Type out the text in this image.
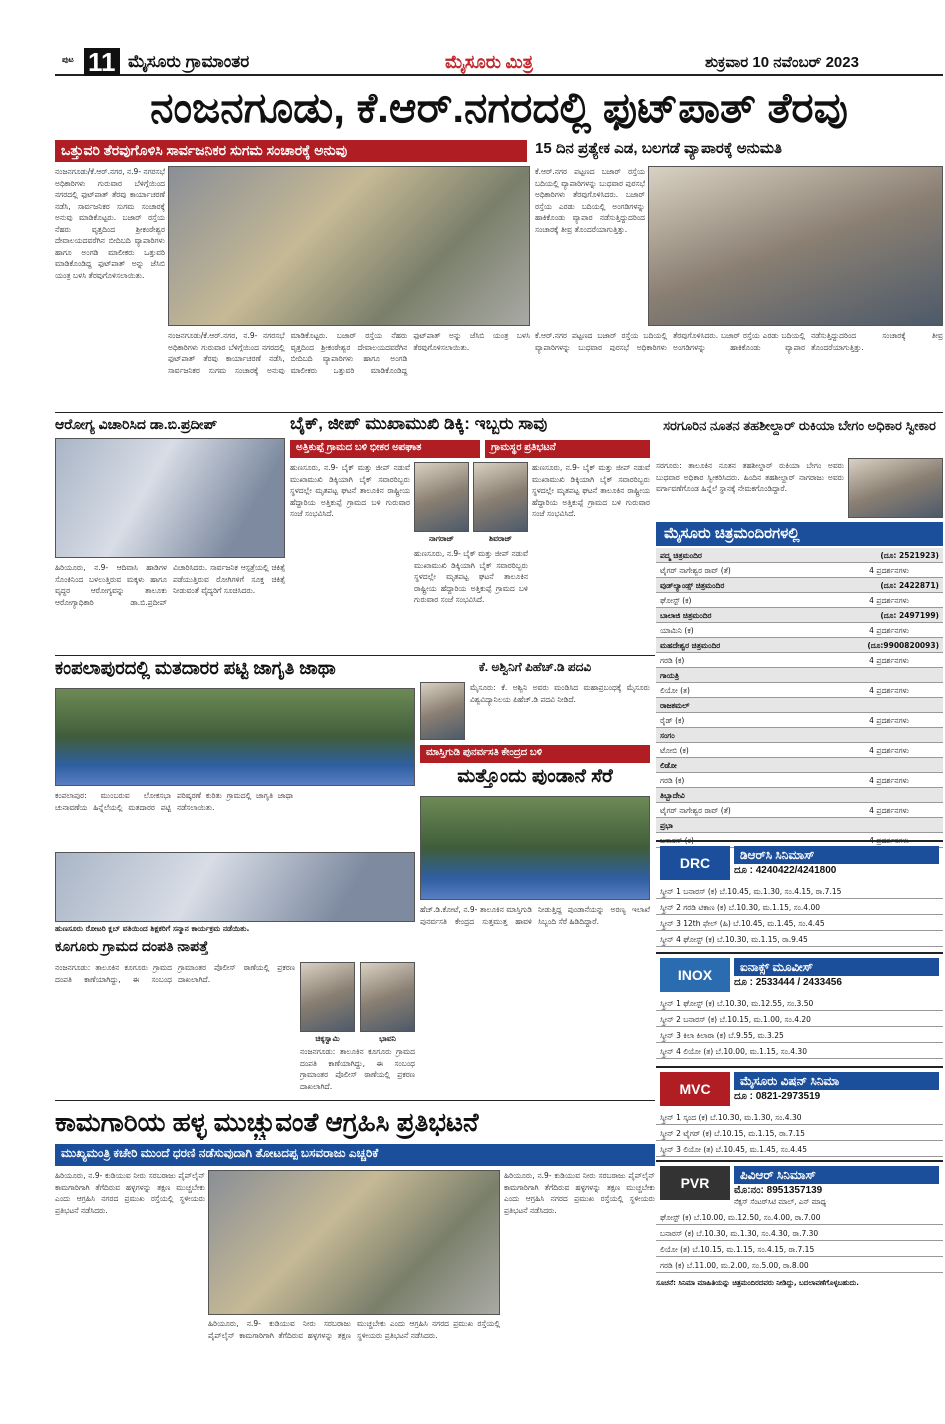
ಪುಟ 11 ಮೈಸೂರು ಗ್ರಾಮಾಂತರ	ಮೈಸೂರು ಮಿತ್ರ	ಶುಕ್ರವಾರ 10 ನವೆಂಬರ್ 2023
ನಂಜನಗೂಡು, ಕೆ.ಆರ್.ನಗರದಲ್ಲಿ ಫುಟ್‌ಪಾತ್ ತೆರವು
ಒತ್ತುವರಿ ತೆರವುಗೊಳಿಸಿ ಸಾರ್ವಜನಿಕರ ಸುಗಮ ಸಂಚಾರಕ್ಕೆ ಅನುವು	15 ದಿನ ಪ್ರತ್ಯೇಕ ಎಡ, ಬಲಗಡೆ ವ್ಯಾಪಾರಕ್ಕೆ ಅನುಮತಿ
ನಂಜನಗೂಡು/ಕೆ.ಆರ್.ನಗರ, ನ.9- ನಗರಸಭೆ ಅಧಿಕಾರಿಗಳು ಗುರುವಾರ ಬೆಳಿಗ್ಗೆಯಿಂದ ನಗರದಲ್ಲಿ ಫುಟ್‌ಪಾತ್ ತೆರವು ಕಾರ್ಯಾಚರಣೆ ನಡೆಸಿ, ಸಾರ್ವಜನಿಕರ ಸುಗಮ ಸಂಚಾರಕ್ಕೆ ಅನುವು ಮಾಡಿಕೊಟ್ಟರು. ಬಜಾರ್ ರಸ್ತೆಯ ನೆಹರು ವೃತ್ತದಿಂದ ಶ್ರೀಕಂಠೇಶ್ವರ ದೇವಾಲಯದವರೆಗಿನ ಬೀದಿಬದಿ ವ್ಯಾಪಾರಿಗಳು ಹಾಗೂ ಅಂಗಡಿ ಮಾಲೀಕರು ಒತ್ತುವರಿ ಮಾಡಿಕೊಂಡಿದ್ದ ಫುಟ್‌ಪಾತ್ ಅನ್ನು ಜೆಸಿಬಿ ಯಂತ್ರ ಬಳಸಿ ತೆರವುಗೊಳಿಸಲಾಯಿತು.
ನಂಜನಗೂಡು/ಕೆ.ಆರ್.ನಗರ, ನ.9- ನಗರಸಭೆ ಅಧಿಕಾರಿಗಳು ಗುರುವಾರ ಬೆಳಿಗ್ಗೆಯಿಂದ ನಗರದಲ್ಲಿ ಫುಟ್‌ಪಾತ್ ತೆರವು ಕಾರ್ಯಾಚರಣೆ ನಡೆಸಿ, ಸಾರ್ವಜನಿಕರ ಸುಗಮ ಸಂಚಾರಕ್ಕೆ ಅನುವು ಮಾಡಿಕೊಟ್ಟರು. ಬಜಾರ್ ರಸ್ತೆಯ ನೆಹರು ವೃತ್ತದಿಂದ ಶ್ರೀಕಂಠೇಶ್ವರ ದೇವಾಲಯದವರೆಗಿನ ಬೀದಿಬದಿ ವ್ಯಾಪಾರಿಗಳು ಹಾಗೂ ಅಂಗಡಿ ಮಾಲೀಕರು ಒತ್ತುವರಿ ಮಾಡಿಕೊಂಡಿದ್ದ ಫುಟ್‌ಪಾತ್ ಅನ್ನು ಜೆಸಿಬಿ ಯಂತ್ರ ಬಳಸಿ ತೆರವುಗೊಳಿಸಲಾಯಿತು.
ಕೆ.ಆರ್.ನಗರ ಪಟ್ಟಣದ ಬಜಾರ್ ರಸ್ತೆಯ ಬದಿಯಲ್ಲಿ ವ್ಯಾಪಾರಿಗಳನ್ನು ಬುಧವಾರ ಪುರಸಭೆ ಅಧಿಕಾರಿಗಳು ತೆರವುಗೊಳಿಸಿದರು. ಬಜಾರ್ ರಸ್ತೆಯ ಎರಡು ಬದಿಯಲ್ಲಿ ಅಂಗಡಿಗಳನ್ನು ಹಾಕಿಕೊಂಡು ವ್ಯಾಪಾರ ನಡೆಸುತ್ತಿದ್ದುದರಿಂದ ಸಂಚಾರಕ್ಕೆ ತೀವ್ರ ತೊಂದರೆಯಾಗುತ್ತಿತ್ತು.
ಕೆ.ಆರ್.ನಗರ ಪಟ್ಟಣದ ಬಜಾರ್ ರಸ್ತೆಯ ಬದಿಯಲ್ಲಿ ವ್ಯಾಪಾರಿಗಳನ್ನು ಬುಧವಾರ ಪುರಸಭೆ ಅಧಿಕಾರಿಗಳು ತೆರವುಗೊಳಿಸಿದರು. ಬಜಾರ್ ರಸ್ತೆಯ ಎರಡು ಬದಿಯಲ್ಲಿ ಅಂಗಡಿಗಳನ್ನು ಹಾಕಿಕೊಂಡು ವ್ಯಾಪಾರ ನಡೆಸುತ್ತಿದ್ದುದರಿಂದ ಸಂಚಾರಕ್ಕೆ ತೀವ್ರ ತೊಂದರೆಯಾಗುತ್ತಿತ್ತು.
ಆರೋಗ್ಯ ವಿಚಾರಿಸಿದ ಡಾ.ಬಿ.ಪ್ರದೀಪ್
ಹಿರಿಯೂರು, ನ.9- ಆದಿವಾಸಿ ಹಾಡಿಗಳ ಸೊಂಕಿನಿಂದ ಬಳಲುತ್ತಿರುವ ಮಕ್ಕಳು ಹಾಗೂ ವೃದ್ಧರ ಆರೋಗ್ಯವನ್ನು ತಾಲೂಕು ಆರೋಗ್ಯಾಧಿಕಾರಿ ಡಾ.ಬಿ.ಪ್ರದೀಪ್ ವಿಚಾರಿಸಿದರು. ಸಾರ್ವಜನಿಕ ಆಸ್ಪತ್ರೆಯಲ್ಲಿ ಚಿಕಿತ್ಸೆ ಪಡೆಯುತ್ತಿರುವ ರೋಗಿಗಳಿಗೆ ಸೂಕ್ತ ಚಿಕಿತ್ಸೆ ನೀಡುವಂತೆ ವೈದ್ಯರಿಗೆ ಸೂಚಿಸಿದರು.
ಬೈಕ್, ಜೀಪ್ ಮುಖಾಮುಖಿ ಡಿಕ್ಕಿ: ಇಬ್ಬರು ಸಾವು
ಅತ್ತಿಕುಪ್ಪೆ ಗ್ರಾಮದ ಬಳಿ ಭೀಕರ ಅಪಘಾತ	ಗ್ರಾಮಸ್ಥರ ಪ್ರತಿಭಟನೆ
ಹುಣಸೂರು, ನ.9- ಬೈಕ್ ಮತ್ತು ಜೀಪ್ ನಡುವೆ ಮುಖಾಮುಖಿ ಡಿಕ್ಕಿಯಾಗಿ ಬೈಕ್ ಸವಾರರಿಬ್ಬರು ಸ್ಥಳದಲ್ಲೇ ಮೃತಪಟ್ಟ ಘಟನೆ ತಾಲೂಕಿನ ರಾಷ್ಟ್ರೀಯ ಹೆದ್ದಾರಿಯ ಅತ್ತಿಕುಪ್ಪೆ ಗ್ರಾಮದ ಬಳಿ ಗುರುವಾರ ಸಂಜೆ ಸಂಭವಿಸಿದೆ.
ನಾಗರಾಜ್	ಶಿವರಾಜ್
ಹುಣಸೂರು, ನ.9- ಬೈಕ್ ಮತ್ತು ಜೀಪ್ ನಡುವೆ ಮುಖಾಮುಖಿ ಡಿಕ್ಕಿಯಾಗಿ ಬೈಕ್ ಸವಾರರಿಬ್ಬರು ಸ್ಥಳದಲ್ಲೇ ಮೃತಪಟ್ಟ ಘಟನೆ ತಾಲೂಕಿನ ರಾಷ್ಟ್ರೀಯ ಹೆದ್ದಾರಿಯ ಅತ್ತಿಕುಪ್ಪೆ ಗ್ರಾಮದ ಬಳಿ ಗುರುವಾರ ಸಂಜೆ ಸಂಭವಿಸಿದೆ.
ಹುಣಸೂರು, ನ.9- ಬೈಕ್ ಮತ್ತು ಜೀಪ್ ನಡುವೆ ಮುಖಾಮುಖಿ ಡಿಕ್ಕಿಯಾಗಿ ಬೈಕ್ ಸವಾರರಿಬ್ಬರು ಸ್ಥಳದಲ್ಲೇ ಮೃತಪಟ್ಟ ಘಟನೆ ತಾಲೂಕಿನ ರಾಷ್ಟ್ರೀಯ ಹೆದ್ದಾರಿಯ ಅತ್ತಿಕುಪ್ಪೆ ಗ್ರಾಮದ ಬಳಿ ಗುರುವಾರ ಸಂಜೆ ಸಂಭವಿಸಿದೆ.
ಸರಗೂರಿನ ನೂತನ ತಹಶೀಲ್ದಾರ್ ರುಕಿಯಾ ಬೇಗಂ ಅಧಿಕಾರ ಸ್ವೀಕಾರ
ಸರಗೂರು: ತಾಲೂಕಿನ ನೂತನ ತಹಶೀಲ್ದಾರ್ ರುಕಿಯಾ ಬೇಗಂ ಅವರು ಬುಧವಾರ ಅಧಿಕಾರ ಸ್ವೀಕರಿಸಿದರು. ಹಿಂದಿನ ತಹಶೀಲ್ದಾರ್ ನಾಗರಾಜು ಅವರು ವರ್ಗಾವಣೆಗೊಂಡ ಹಿನ್ನೆಲೆ ಸ್ಥಾನಕ್ಕೆ ನೇಮಕಗೊಂಡಿದ್ದಾರೆ.
ಮೈಸೂರು ಚಿತ್ರಮಂದಿರಗಳಲ್ಲಿ
ಪದ್ಮ ಚಿತ್ರಮಂದಿರ	(ದೂ: 2521923)
ಟೈಗರ್ ನಾಗೇಶ್ವರ ರಾವ್ (ತೆ)	4 ಪ್ರದರ್ಶನಗಳು
ವುಡ್‌ಲ್ಯಾಂಡ್ಸ್ ಚಿತ್ರಮಂದಿರ	(ದೂ: 2422871)
ಘೋಸ್ಟ್ (ಕ)	4 ಪ್ರದರ್ಶನಗಳು
ಬಾಲಾಜಿ ಚಿತ್ರಮಂದಿರ	(ದೂ: 2497199)
ಯಾಮಿನಿ (ಕ)	4 ಪ್ರದರ್ಶನಗಳು
ಮಹದೇಶ್ವರ ಚಿತ್ರಮಂದಿರ	(ದೂ:9900820093)
ಗರಡಿ (ಕ)	4 ಪ್ರದರ್ಶನಗಳು
ಗಾಯತ್ರಿ
ಲಿಯೋ (ತ)	4 ಪ್ರದರ್ಶನಗಳು
ರಾಜಕಮಲ್
ರೈಡ್ (ಕ)	4 ಪ್ರದರ್ಶನಗಳು
ಸಂಗಂ
ಟೋಬಿ (ಕ)	4 ಪ್ರದರ್ಶನಗಳು
ಲಿಡೋ
ಗರಡಿ (ಕ)	4 ಪ್ರದರ್ಶನಗಳು
ತಿಬ್ಬಾದೇವಿ
ಟೈಗರ್ ನಾಗೇಶ್ವರ ರಾವ್ (ತೆ)	4 ಪ್ರದರ್ಶನಗಳು
ಪ್ರಭಾ
ಬನಾರಸ್ (ಕ)	4 ಪ್ರದರ್ಶನಗಳು
ಕಂಪಲಾಪುರದಲ್ಲಿ ಮತದಾರರ ಪಟ್ಟಿ ಜಾಗೃತಿ ಜಾಥಾ
ಕಂಪಲಾಪುರ: ಮುಂಬರುವ ಲೋಕಸಭಾ ಚುನಾವಣೆಯ ಹಿನ್ನೆಲೆಯಲ್ಲಿ ಮತದಾರರ ಪಟ್ಟಿ ಪರಿಷ್ಕರಣೆ ಕುರಿತು ಗ್ರಾಮದಲ್ಲಿ ಜಾಗೃತಿ ಜಾಥಾ ನಡೆಸಲಾಯಿತು.
ಹುಣಸೂರು ರೋಟರಿ ಕ್ಲಬ್ ವತಿಯಿಂದ ಶಿಕ್ಷಕರಿಗೆ ಸನ್ಮಾನ ಕಾರ್ಯಕ್ರಮ ನಡೆಯಿತು.
ಕೆ. ಅಶ್ವಿನಿಗೆ ಪಿಹೆಚ್.ಡಿ ಪದವಿ
ಮೈಸೂರು: ಕೆ. ಅಶ್ವಿನಿ ಅವರು ಮಂಡಿಸಿದ ಮಹಾಪ್ರಬಂಧಕ್ಕೆ ಮೈಸೂರು ವಿಶ್ವವಿದ್ಯಾನಿಲಯ ಪಿಹೆಚ್.ಡಿ ಪದವಿ ನೀಡಿದೆ.
ಮಾಸ್ತಿಗುಡಿ ಪುನರ್ವಸತಿ ಕೇಂದ್ರದ ಬಳಿ
ಮತ್ತೊಂದು ಪುಂಡಾನೆ ಸೆರೆ
ಹೆಚ್.ಡಿ.ಕೋಟೆ, ನ.9- ತಾಲೂಕಿನ ಮಾಸ್ತಿಗುಡಿ ಪುನರ್ವಸತಿ ಕೇಂದ್ರದ ಸುತ್ತಮುತ್ತ ಹಾವಳಿ ನೀಡುತ್ತಿದ್ದ ಪುಂಡಾನೆಯನ್ನು ಅರಣ್ಯ ಇಲಾಖೆ ಸಿಬ್ಬಂದಿ ಸೆರೆ ಹಿಡಿದಿದ್ದಾರೆ.
ಕೂಗೂರು ಗ್ರಾಮದ ದಂಪತಿ ನಾಪತ್ತೆ
ನಂಜನಗೂಡು: ತಾಲೂಕಿನ ಕೂಗೂರು ಗ್ರಾಮದ ದಂಪತಿ ಕಾಣೆಯಾಗಿದ್ದು, ಈ ಸಂಬಂಧ ಗ್ರಾಮಾಂತರ ಪೊಲೀಸ್ ಠಾಣೆಯಲ್ಲಿ ಪ್ರಕರಣ ದಾಖಲಾಗಿದೆ.
ಚಿಕ್ಕಸ್ವಾಮಿ	ಭಾವನಿ
ನಂಜನಗೂಡು: ತಾಲೂಕಿನ ಕೂಗೂರು ಗ್ರಾಮದ ದಂಪತಿ ಕಾಣೆಯಾಗಿದ್ದು, ಈ ಸಂಬಂಧ ಗ್ರಾಮಾಂತರ ಪೊಲೀಸ್ ಠಾಣೆಯಲ್ಲಿ ಪ್ರಕರಣ ದಾಖಲಾಗಿದೆ.
ಕಾಮಗಾರಿಯ ಹಳ್ಳ ಮುಚ್ಚುವಂತೆ ಆಗ್ರಹಿಸಿ ಪ್ರತಿಭಟನೆ
ಮುಖ್ಯಮಂತ್ರಿ ಕಚೇರಿ ಮುಂದೆ ಧರಣಿ ನಡೆಸುವುದಾಗಿ ತೋಟದಪ್ಪ ಬಸವರಾಜು ಎಚ್ಚರಿಕೆ
ಹಿರಿಯೂರು, ನ.9- ಕುಡಿಯುವ ನೀರು ಸರಬರಾಜು ಪೈಪ್‌ಲೈನ್ ಕಾಮಗಾರಿಗಾಗಿ ತೆಗೆದಿರುವ ಹಳ್ಳಗಳನ್ನು ತಕ್ಷಣ ಮುಚ್ಚಬೇಕು ಎಂದು ಆಗ್ರಹಿಸಿ ನಗರದ ಪ್ರಮುಖ ರಸ್ತೆಯಲ್ಲಿ ಸ್ಥಳೀಯರು ಪ್ರತಿಭಟನೆ ನಡೆಸಿದರು.
ಹಿರಿಯೂರು, ನ.9- ಕುಡಿಯುವ ನೀರು ಸರಬರಾಜು ಪೈಪ್‌ಲೈನ್ ಕಾಮಗಾರಿಗಾಗಿ ತೆಗೆದಿರುವ ಹಳ್ಳಗಳನ್ನು ತಕ್ಷಣ ಮುಚ್ಚಬೇಕು ಎಂದು ಆಗ್ರಹಿಸಿ ನಗರದ ಪ್ರಮುಖ ರಸ್ತೆಯಲ್ಲಿ ಸ್ಥಳೀಯರು ಪ್ರತಿಭಟನೆ ನಡೆಸಿದರು.
ಹಿರಿಯೂರು, ನ.9- ಕುಡಿಯುವ ನೀರು ಸರಬರಾಜು ಪೈಪ್‌ಲೈನ್ ಕಾಮಗಾರಿಗಾಗಿ ತೆಗೆದಿರುವ ಹಳ್ಳಗಳನ್ನು ತಕ್ಷಣ ಮುಚ್ಚಬೇಕು ಎಂದು ಆಗ್ರಹಿಸಿ ನಗರದ ಪ್ರಮುಖ ರಸ್ತೆಯಲ್ಲಿ ಸ್ಥಳೀಯರು ಪ್ರತಿಭಟನೆ ನಡೆಸಿದರು.
DRC	ಡಿಆರ್‌ಸಿ ಸಿನಿಮಾಸ್
ದೂ : 4240422/4241800
ಸ್ಕ್ರೀನ್ 1 ಬನಾರಸ್ (ಕ) ಬೆ.10.45, ಮ.1.30, ಸಂ.4.15, ರಾ.7.15
ಸ್ಕ್ರೀನ್ 2 ಗರಡಿ ಟಿಕಾಣ (ಕ) ಬೆ.10.30, ಮ.1.15, ಸಂ.4.00
ಸ್ಕ್ರೀನ್ 3 12th ಫೇಲ್ (ಹಿ) ಬೆ.10.45, ಮ.1.45, ಸಂ.4.45
ಸ್ಕ್ರೀನ್ 4 ಘೋಸ್ಟ್ (ಕ) ಬೆ.10.30, ಮ.1.15, ರಾ.9.45
INOX	ಐನಾಕ್ಸ್ ಮೂವೀಸ್
ದೂ : 2533444 / 2433456
ಸ್ಕ್ರೀನ್ 1 ಘೋಸ್ಟ್ (ಕ) ಬೆ.10.30, ಮ.12.55, ಸಂ.3.50
ಸ್ಕ್ರೀನ್ 2 ಬನಾರಸ್ (ಕ) ಬೆ.10.15, ಮ.1.00, ಸಂ.4.20
ಸ್ಕ್ರೀನ್ 3 ಕಿಲಾ ಕಿಲಾರಾ (ಕ) ಬೆ.9.55, ಮ.3.25
ಸ್ಕ್ರೀನ್ 4 ಲಿಯೋ (ತ) ಬೆ.10.00, ಮ.1.15, ಸಂ.4.30
MVC	ಮೈಸೂರು ವಿಷನ್ ಸಿನಿಮಾ
ದೂ : 0821-2973519
ಸ್ಕ್ರೀನ್ 1 ಸ್ಕಂದ (ಕ) ಬೆ.10.30, ಮ.1.30, ಸಂ.4.30
ಸ್ಕ್ರೀನ್ 2 ಟೈಗರ್ (ಕ) ಬೆ.10.15, ಮ.1.15, ರಾ.7.15
ಸ್ಕ್ರೀನ್ 3 ಲಿಯೋ (ತ) ಬೆ.10.45, ಮ.1.45, ಸಂ.4.45
PVR	ಪಿವಿಆರ್ ಸಿನಿಮಾಸ್
ಮೊ:ನಂ: 8951357139
ನೆಕ್ಸಸ್ ಸೆಂಟರ್‌ಸಿಟಿ ಮಾಲ್, ಎನ್ ಮಾಧ್ಯ
ಘೋಸ್ಟ್ (ಕ) ಬೆ.10.00, ಮ.12.50, ಸಂ.4.00, ರಾ.7.00
ಬನಾರಸ್ (ಕ) ಬೆ.10.30, ಮ.1.30, ಸಂ.4.30, ರಾ.7.30
ಲಿಯೋ (ತ) ಬೆ.10.15, ಮ.1.15, ಸಂ.4.15, ರಾ.7.15
ಗರಡಿ (ಕ) ಬೆ.11.00, ಮ.2.00, ಸಂ.5.00, ರಾ.8.00
ಸೂಚನೆ: ಸಿನಿಮಾ ಮಾಹಿತಿಯನ್ನು ಚಿತ್ರಮಂದಿರದವರು ನೀಡಿದ್ದು, ಬದಲಾವಣೆಗೊಳ್ಳಬಹುದು.
